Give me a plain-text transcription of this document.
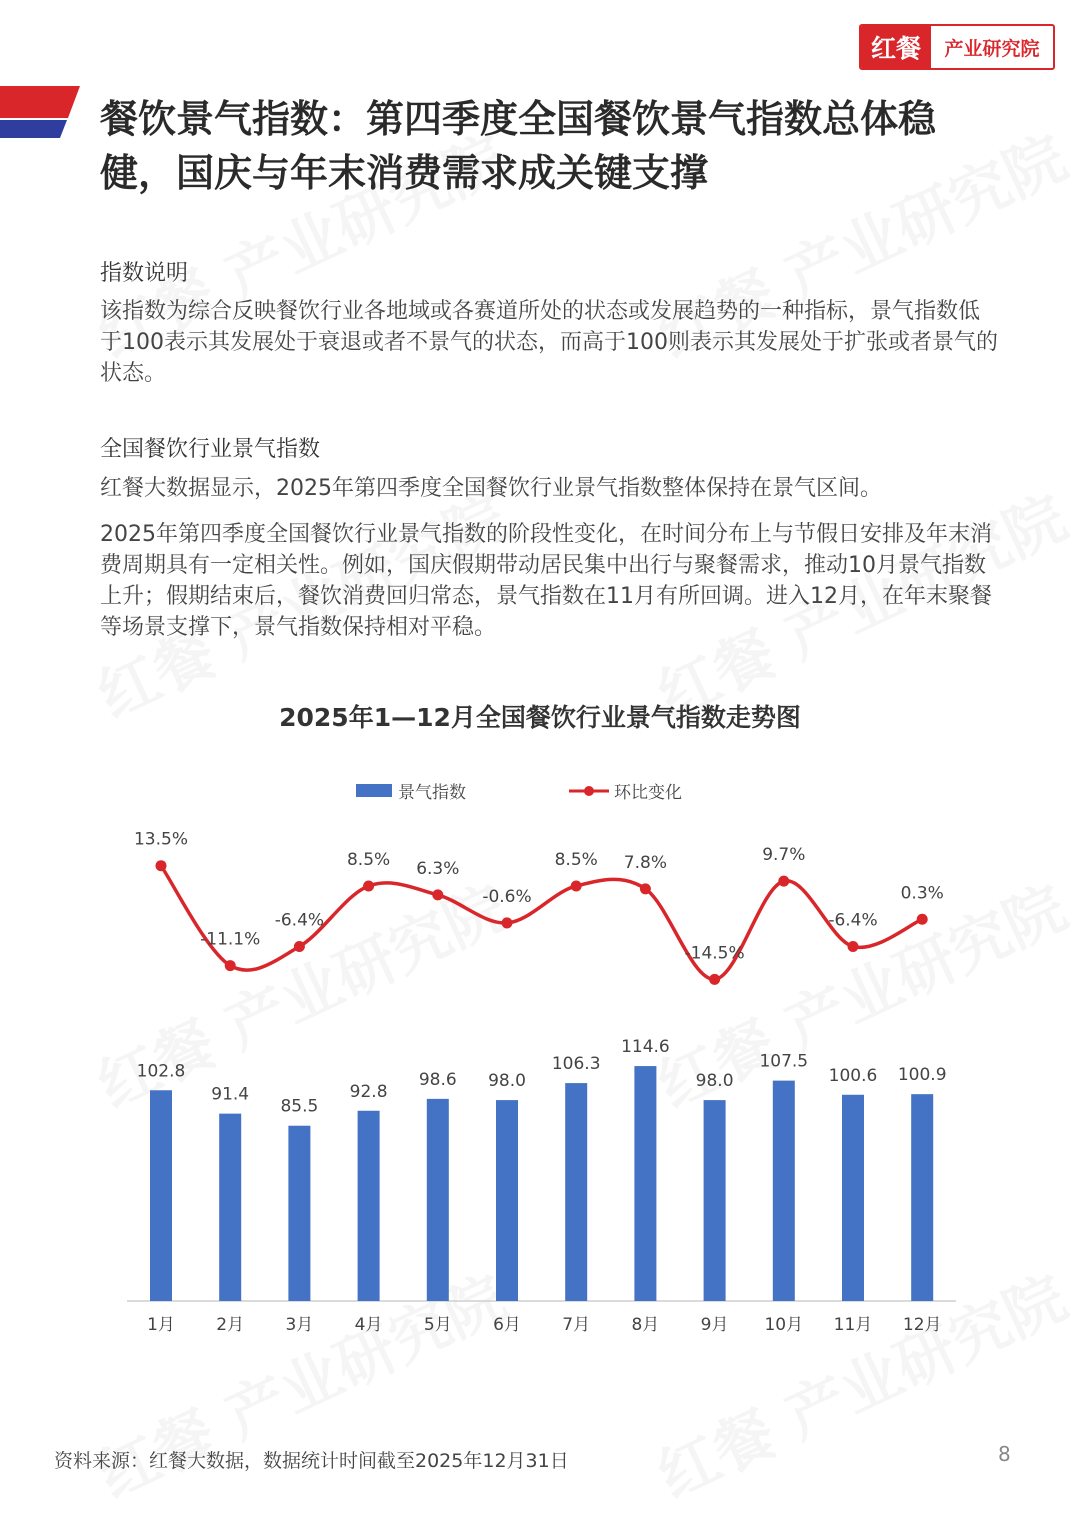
红餐	产业研究院
餐饮景气指数：第四季度全国餐饮景气指数总体稳健，国庆与年末消费需求成关键支撑

指数说明

该指数为综合反映餐饮行业各地域或各赛道所处的状态或发展趋势的一种指标，景气指数低于100表示其发展处于衰退或者不景气的状态，而高于100则表示其发展处于扩张或者景气的状态。

全国餐饮行业景气指数

红餐大数据显示，2025年第四季度全国餐饮行业景气指数整体保持在景气区间。

2025年第四季度全国餐饮行业景气指数的阶段性变化，在时间分布上与节假日安排及年末消费周期具有一定相关性。例如，国庆假期带动居民集中出行与聚餐需求，推动10月景气指数上升；假期结束后，餐饮消费回归常态，景气指数在11月有所回调。进入12月，在年末聚餐等场景支撑下，景气指数保持相对平稳。

2025年1—12月全国餐饮行业景气指数走势图
景气指数	环比变化
102.8
1月
91.4
2月
85.5
3月
92.8
4月
98.6
5月
98.0
6月
106.3
7月
114.6
8月
98.0
9月
107.5
10月
100.6
11月
100.9
12月
13.5%
-11.1%
-6.4%
8.5% 6.3%
-0.6%
8.5% 7.8%
-14.5%
9.7%
-6.4%
0.3%

资料来源：红餐大数据，数据统计时间截至2025年12月31日	8
